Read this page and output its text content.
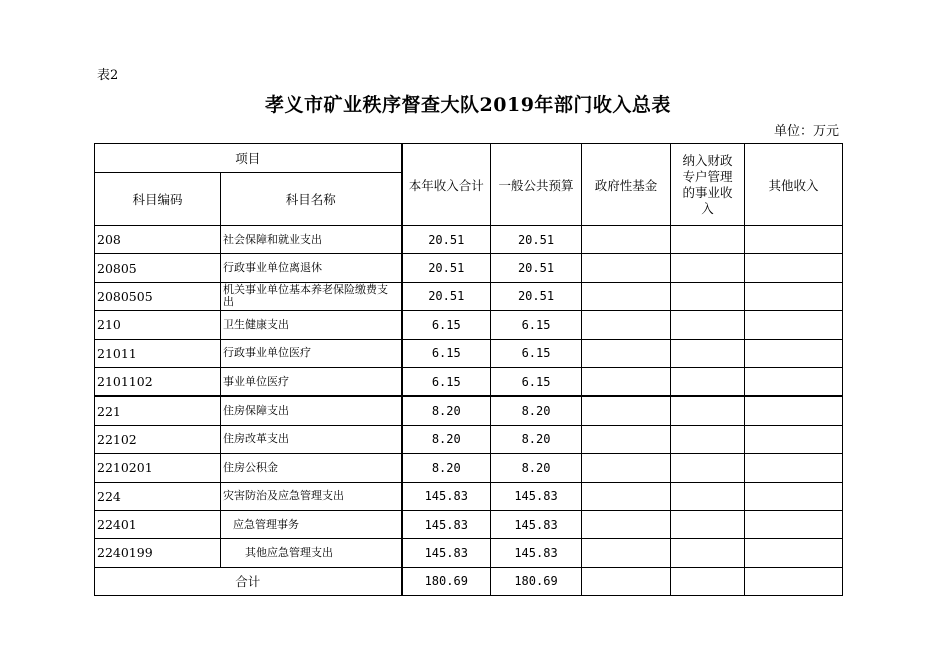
表2
孝义市矿业秩序督查大队2019年部门收入总表
单位：万元
项目		本年收入合计	一般公共预算	政府性基金	纳入财政专户管理的事业收入	其他收入
科目编码	科目名称					
208	社会保障和就业支出	20.51	20.51			
20805	行政事业单位离退休	20.51	20.51			
2080505	机关事业单位基本养老保险缴费支出	20.51	20.51			
210	卫生健康支出	6.15	6.15			
21011	行政事业单位医疗	6.15	6.15			
2101102	事业单位医疗	6.15	6.15			
221	住房保障支出	8.20	8.20			
22102	住房改革支出	8.20	8.20			
2210201	住房公积金	8.20	8.20			
224	灾害防治及应急管理支出	145.83	145.83			
22401	应急管理事务	145.83	145.83			
2240199	其他应急管理支出	145.83	145.83			
合计		180.69	180.69			
